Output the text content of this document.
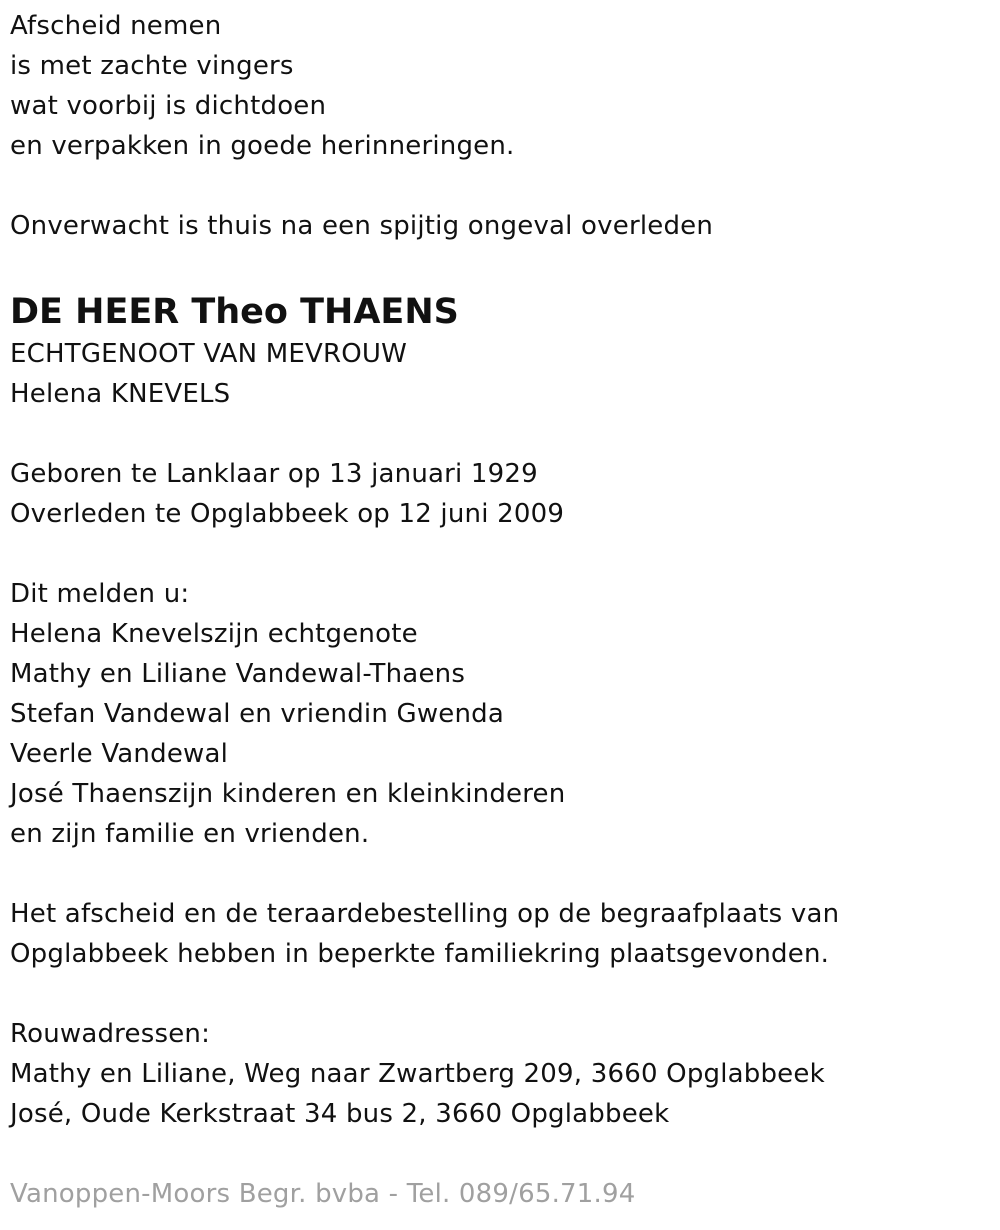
Afscheid nemen
is met zachte vingers
wat voorbij is dichtdoen
en verpakken in goede herinneringen.
Onverwacht is thuis na een spijtig ongeval overleden
DE HEER Theo THAENS
ECHTGENOOT VAN MEVROUW
Helena KNEVELS
Geboren te Lanklaar op 13 januari 1929
Overleden te Opglabbeek op 12 juni 2009
Dit melden u:
Helena Knevelszijn echtgenote
Mathy en Liliane Vandewal-Thaens
Stefan Vandewal en vriendin Gwenda
Veerle Vandewal
José Thaenszijn kinderen en kleinkinderen
en zijn familie en vrienden.
Het afscheid en de teraardebestelling op de begraafplaats van
Opglabbeek hebben in beperkte familiekring plaatsgevonden.
Rouwadressen:
Mathy en Liliane, Weg naar Zwartberg 209, 3660 Opglabbeek
José, Oude Kerkstraat 34 bus 2, 3660 Opglabbeek
Vanoppen-Moors Begr. bvba - Tel. 089/65.71.94
